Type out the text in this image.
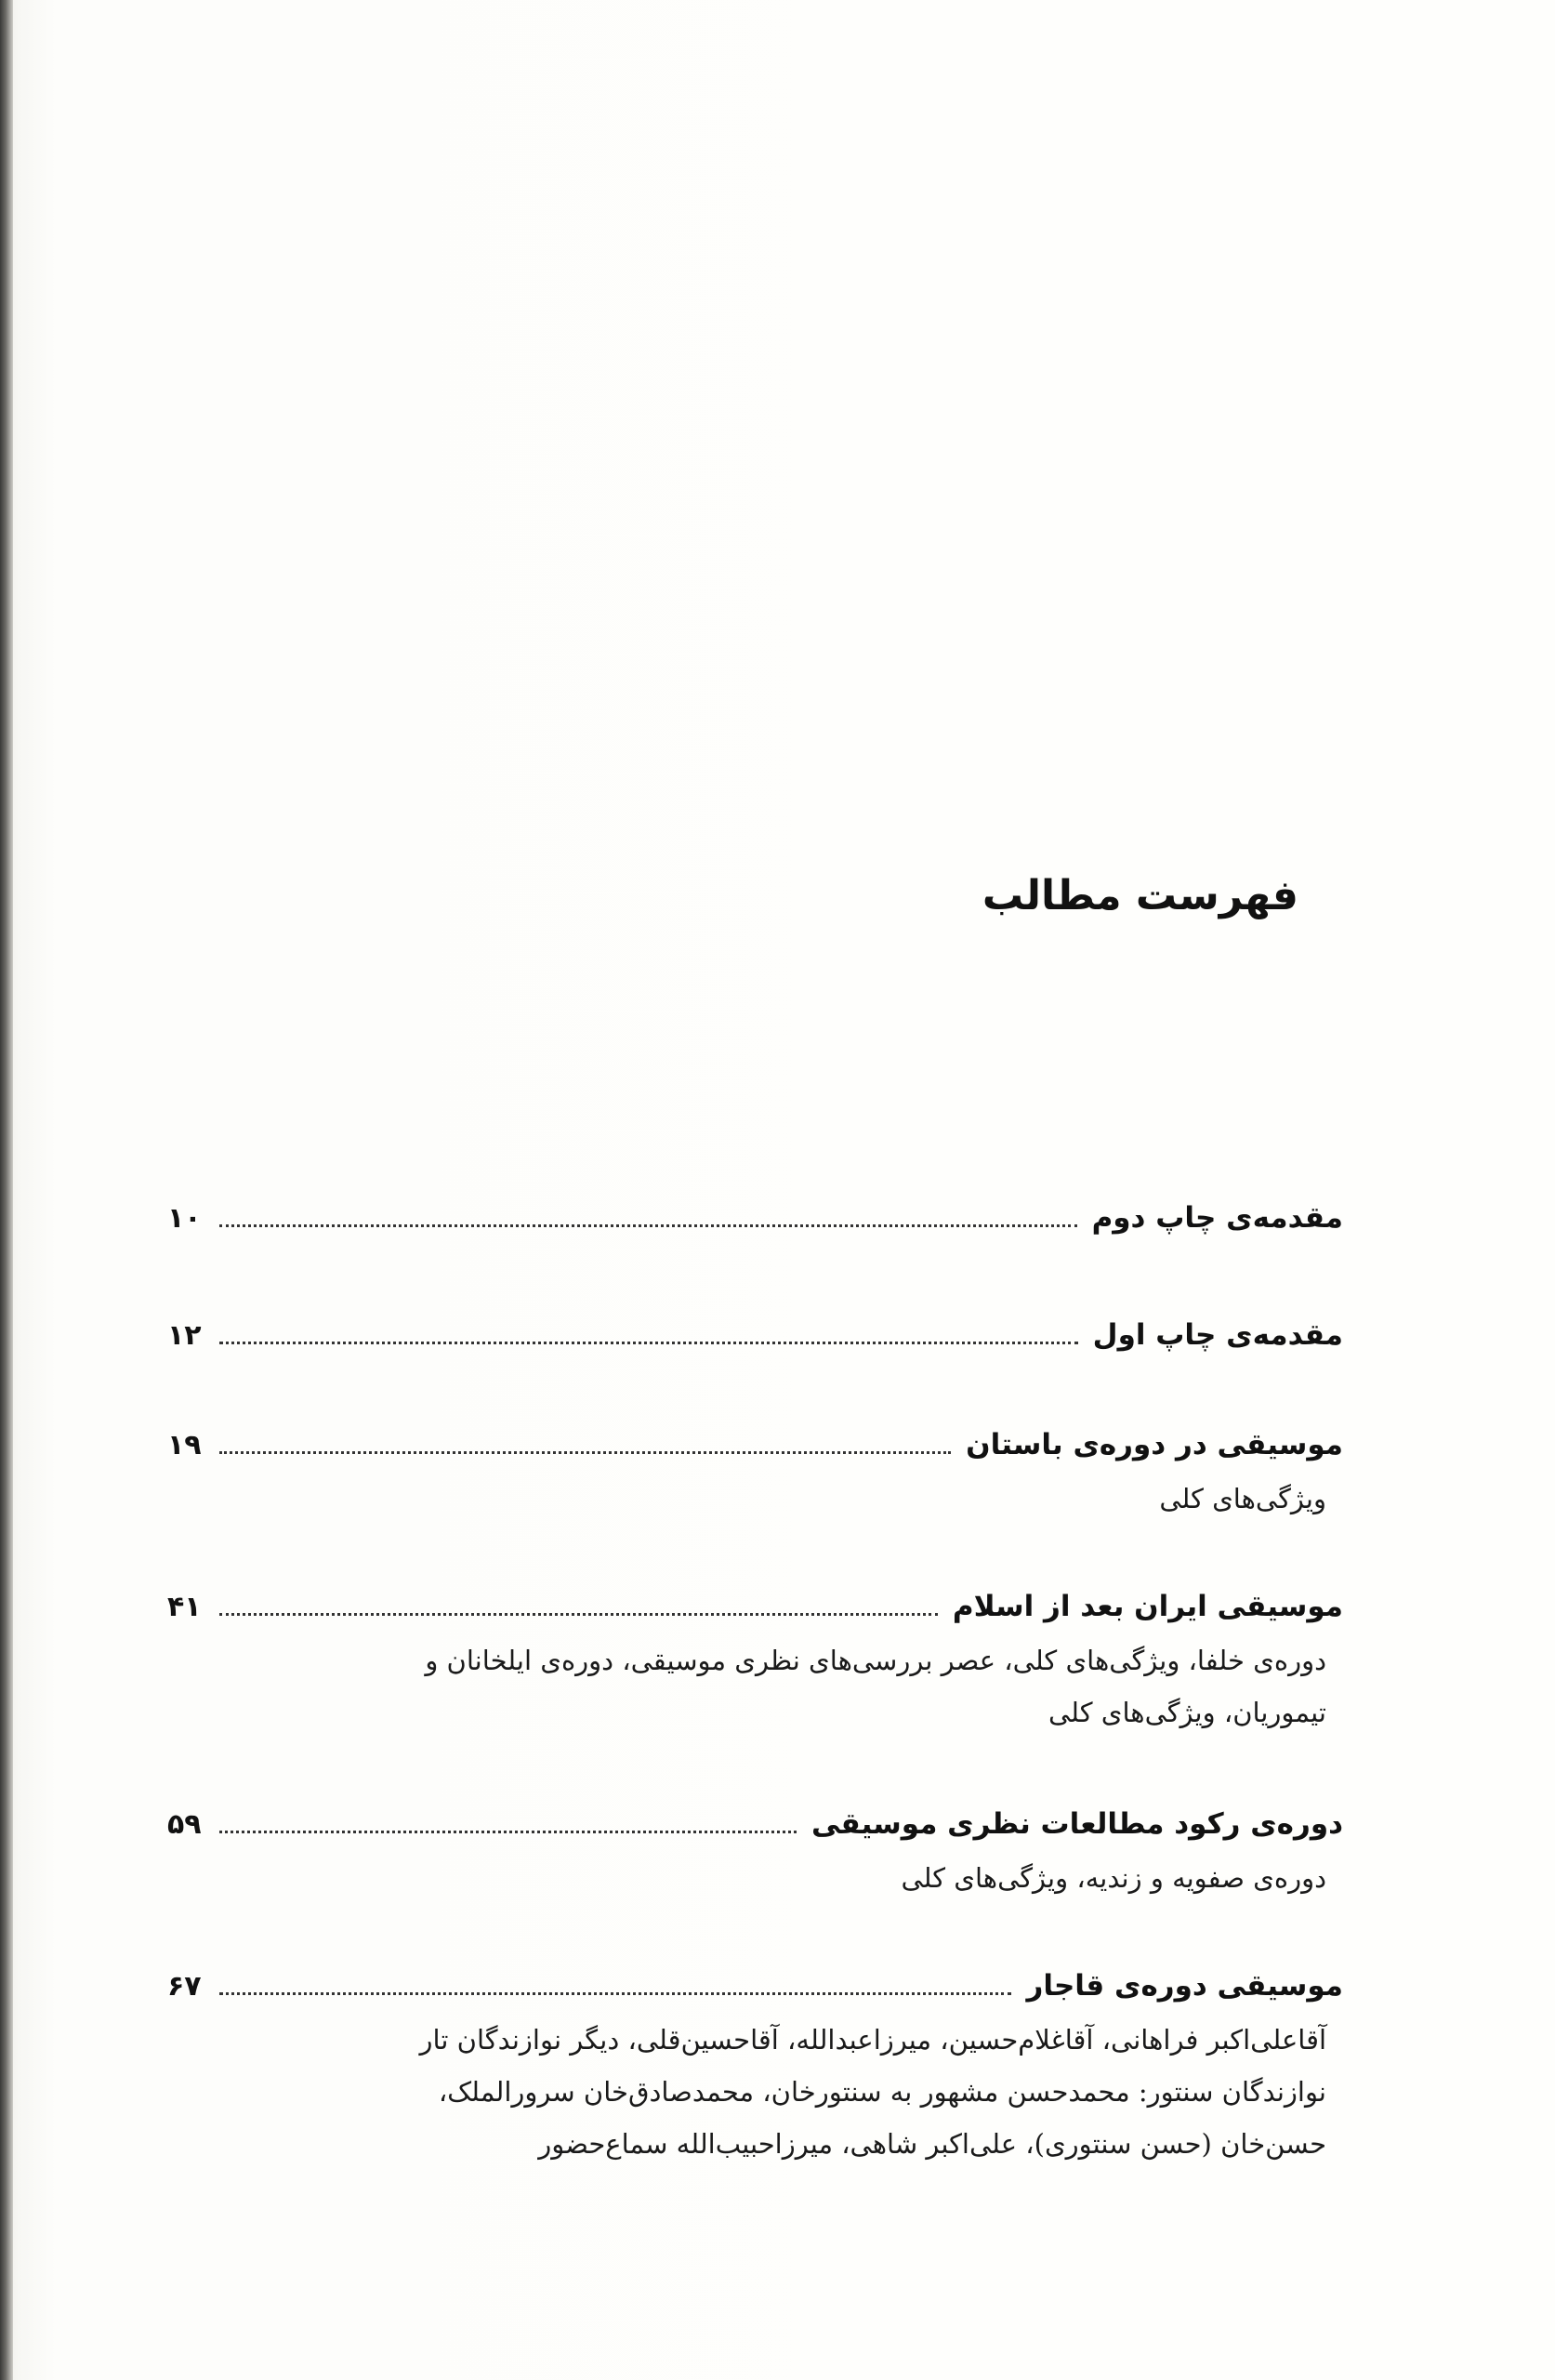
فهرست مطالب
مقدمه‌ی چاپ دوم
۱۰
مقدمه‌ی چاپ اول
۱۲
موسیقی در دوره‌ی باستان
۱۹
ویژگی‌های کلی
موسیقی ایران بعد از اسلام
۴۱
دوره‌ی خلفا، ویژگی‌های کلی، عصر بررسی‌های نظری موسیقی، دوره‌ی ایلخانان و
تیموریان، ویژگی‌های کلی
دوره‌ی رکود مطالعات نظری موسیقی
۵۹
دوره‌ی صفویه و زندیه، ویژگی‌های کلی
موسیقی دوره‌ی قاجار
۶۷
آقاعلی‌اکبر فراهانی، آقاغلام‌حسین، میرزاعبدالله، آقاحسین‌قلی، دیگر نوازندگان تار
نوازندگان سنتور: محمدحسن مشهور به سنتورخان، محمدصادق‌خان سرورالملک،
حسن‌خان (حسن سنتوری)، علی‌اکبر شاهی، میرزاحبیب‌الله سماع‌حضور
